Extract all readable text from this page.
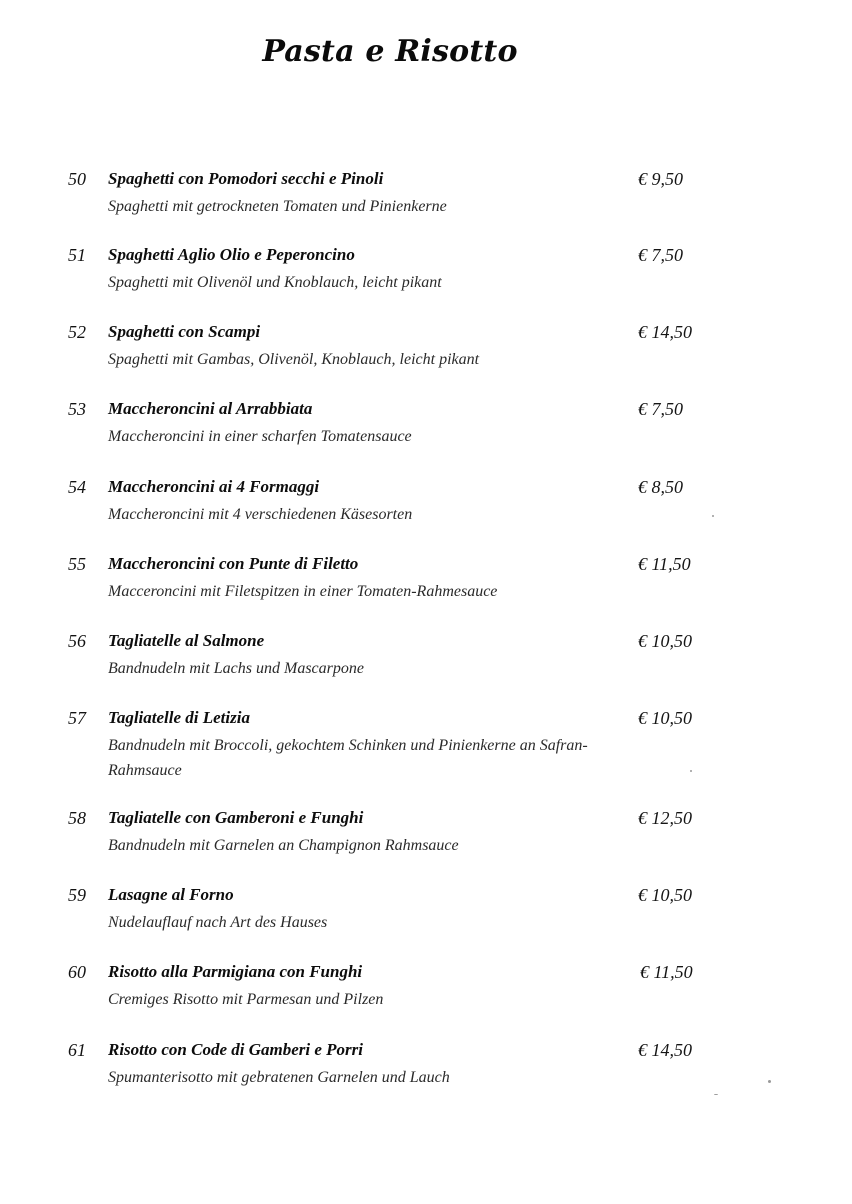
Pasta e Risotto
50 Spaghetti con Pomodori secchi e Pinoli	€ 9,50
Spaghetti mit getrockneten Tomaten und Pinienkerne
51 Spaghetti Aglio Olio e Peperoncino	€ 7,50
Spaghetti mit Olivenöl und Knoblauch, leicht pikant
52 Spaghetti con Scampi	€ 14,50
Spaghetti mit Gambas, Olivenöl, Knoblauch, leicht pikant
53 Maccheroncini al Arrabbiata	€ 7,50
Maccheroncini in einer scharfen Tomatensauce
54 Maccheroncini ai 4 Formaggi	€ 8,50
Maccheroncini mit 4 verschiedenen Käsesorten
55 Maccheroncini con Punte di Filetto	€ 11,50
Macceroncini mit Filetspitzen in einer Tomaten-Rahmesauce
56 Tagliatelle al Salmone	€ 10,50
Bandnudeln mit Lachs und Mascarpone
57 Tagliatelle di Letizia	€ 10,50
Bandnudeln mit Broccoli, gekochtem Schinken und Pinienkerne an Safran-Rahmsauce
58 Tagliatelle con Gamberoni e Funghi	€ 12,50
Bandnudeln mit Garnelen an Champignon Rahmsauce
59 Lasagne al Forno	€ 10,50
Nudelauflauf nach Art des Hauses
60 Risotto alla Parmigiana con Funghi	€ 11,50
Cremiges Risotto mit Parmesan und Pilzen
61 Risotto con Code di Gamberi e Porri	€ 14,50
Spumanterisotto mit gebratenen Garnelen und Lauch
